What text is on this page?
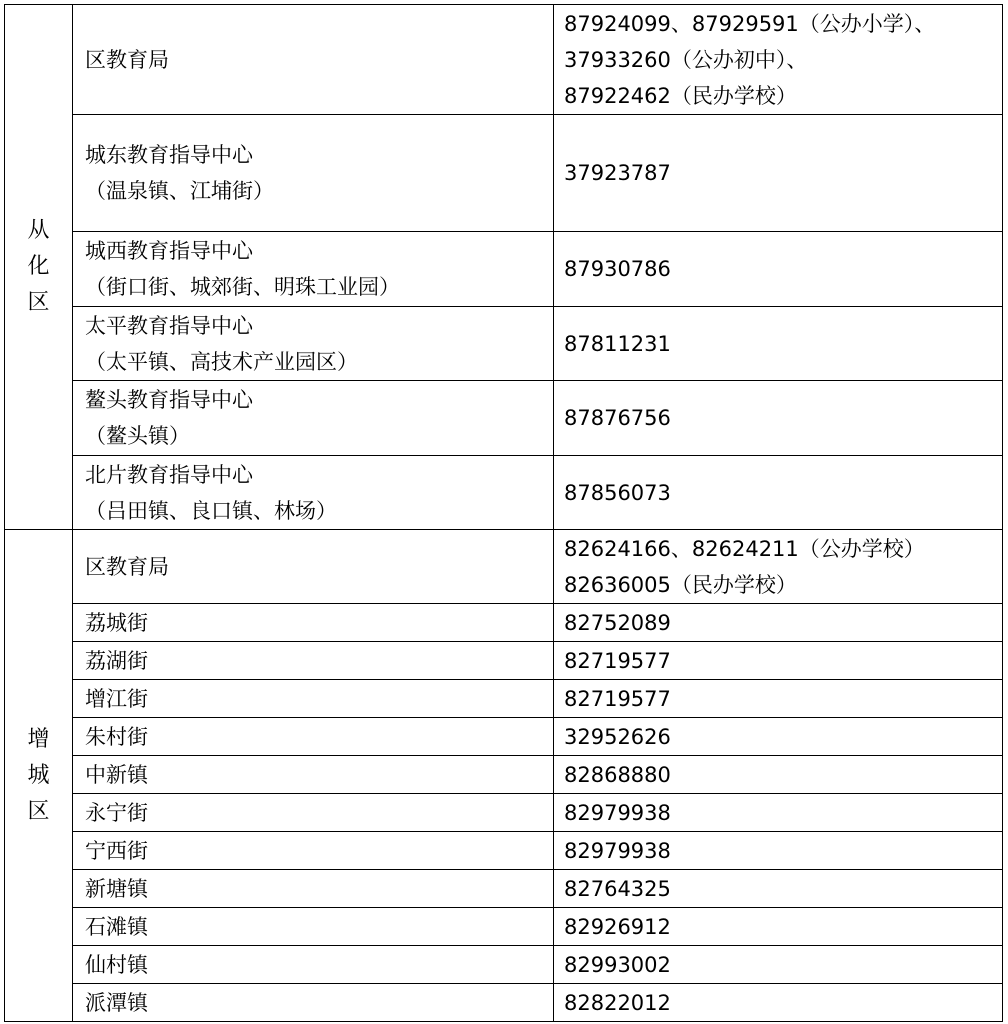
从
化
区	区教育局	87924099、87929591（公办小学）、
37933260（公办初中）、
87922462（民办学校）

	城东教育指导中心
（温泉镇、江埔街）	37923787

	城西教育指导中心
（街口街、城郊街、明珠工业园）	87930786

	太平教育指导中心
（太平镇、高技术产业园区）	87811231

	鳌头教育指导中心
（鳌头镇）	87876756

	北片教育指导中心
（吕田镇、良口镇、林场）	87856073

增
城
区	区教育局	82624166、82624211（公办学校）
82636005（民办学校）

	荔城街	82752089

	荔湖街	82719577

	增江街	82719577

	朱村街	32952626

	中新镇	82868880

	永宁街	82979938

	宁西街	82979938

	新塘镇	82764325

	石滩镇	82926912

	仙村镇	82993002

	派潭镇	82822012
